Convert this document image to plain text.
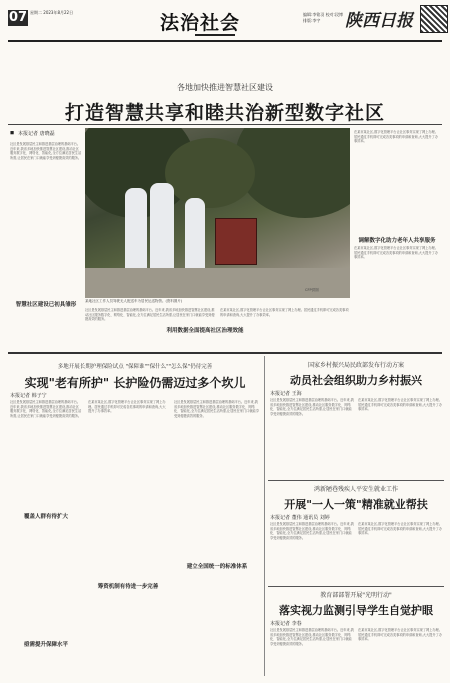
07 星期二 2023年8月22日	法治社会	编辑:李铭羽 校对:段博 排版:李宇	陕西日报
各地加快推进智慧社区建设
打造智慧共享和睦共治新型数字社区
◼ 本报记者 唐晓磊
社区是发展基层民主和推进基层治理的基础平台。近年来,我省多地加快推进智慧社区建设,推动社区服务数字化、网络化、智能化,全方位满足居民生活所需,让居民在家门口就能享受到便捷高效的服务。
某地社区工作人员驾驶无人配送车为居民运送物资。(资料图片)
CFP供图
在某市某社区,数字化管理平台让社区事务实现了网上办理。居民通过手机即可完成各类事项的申请和查询,大大提升了办事效率。
调解数字化助力老年人共享服务
在某市某社区,数字化管理平台让社区事务实现了网上办理。居民通过手机即可完成各类事项的申请和查询,大大提升了办事效率。
智慧社区建设已初具雏形
社区是发展基层民主和推进基层治理的基础平台。近年来,我省多地加快推进智慧社区建设,推动社区服务数字化、网络化、智能化,全方位满足居民生活所需,让居民在家门口就能享受到便捷高效的服务。
利用数据全面提高社区治理效能
在某市某社区,数字化管理平台让社区事务实现了网上办理。居民通过手机即可完成各类事项的申请和查询,大大提升了办事效率。
多地开展长期护理保险试点 "保障谁""保什么""怎么保"仍待完善
实现"老有所护" 长护险仍需迈过多个坎儿
本报记者 韩子宁
社区是发展基层民主和推进基层治理的基础平台。近年来,我省多地加快推进智慧社区建设,推动社区服务数字化、网络化、智能化,全方位满足居民生活所需,让居民在家门口就能享受到便捷高效的服务。
覆盖人群有待扩大
亟需提升保障水平
在某市某社区,数字化管理平台让社区事务实现了网上办理。居民通过手机即可完成各类事项的申请和查询,大大提升了办事效率。
筹资机制有待进一步完善
社区是发展基层民主和推进基层治理的基础平台。近年来,我省多地加快推进智慧社区建设,推动社区服务数字化、网络化、智能化,全方位满足居民生活所需,让居民在家门口就能享受到便捷高效的服务。
建立全国统一的标准体系
国家乡村振兴局民政部发布行动方案
动员社会组织助力乡村振兴
本报记者 王海
社区是发展基层民主和推进基层治理的基础平台。近年来,我省多地加快推进智慧社区建设,推动社区服务数字化、网络化、智能化,全方位满足居民生活所需,让居民在家门口就能享受到便捷高效的服务。
在某市某社区,数字化管理平台让社区事务实现了网上办理。居民通过手机即可完成各类事项的申请和查询,大大提升了办事效率。
鸿新陋巷残疾人平安生就业工作
开展"一人一策"精准就业帮扶
本报记者 董伟 通讯员 刘婷
社区是发展基层民主和推进基层治理的基础平台。近年来,我省多地加快推进智慧社区建设,推动社区服务数字化、网络化、智能化,全方位满足居民生活所需,让居民在家门口就能享受到便捷高效的服务。
在某市某社区,数字化管理平台让社区事务实现了网上办理。居民通过手机即可完成各类事项的申请和查询,大大提升了办事效率。
教育部部署开展"光明行动"
落实视力监测引导学生自觉护眼
本报记者 李春
社区是发展基层民主和推进基层治理的基础平台。近年来,我省多地加快推进智慧社区建设,推动社区服务数字化、网络化、智能化,全方位满足居民生活所需,让居民在家门口就能享受到便捷高效的服务。
在某市某社区,数字化管理平台让社区事务实现了网上办理。居民通过手机即可完成各类事项的申请和查询,大大提升了办事效率。
